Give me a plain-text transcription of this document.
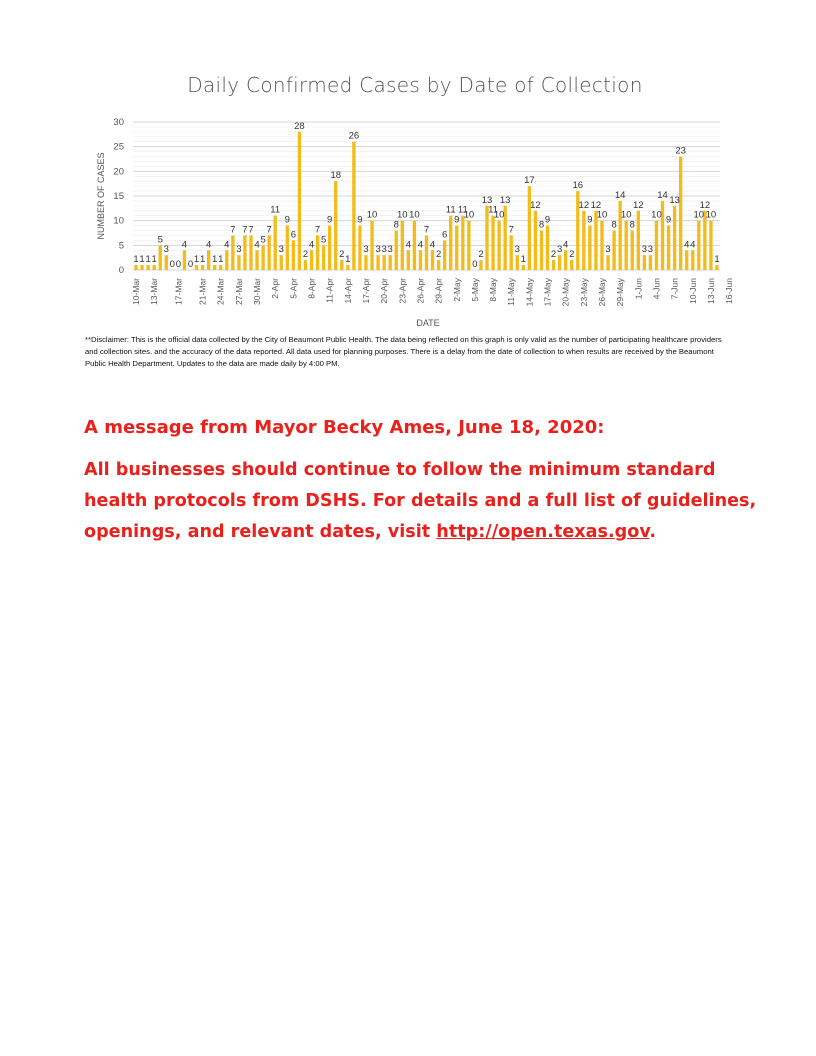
Daily Confirmed Cases by Date of Collection
1 1 1 1
5
3
0 0
4
0 1 1
4
1 1
4
7
3
7 7
4 5
7
11
3
9
6
28
2
4
7
5
9
18
2 1
26
9
3
10
3 3 3
8
10
4
10
4
7
4
2
6
11
9
11
10
0
2
13
11
10
13
7
3
1
17
12
8 9
2 3 4
2
16
12
9
12
10
3
8
14
10
8
12
3 3
10
14
9
13
23
4 4
10
12
10
1
0
5
10
15
20
25
30
10-Mar 13-Mar 17-Mar 21-Mar 24-Mar 27-Mar 30-Mar 2-Apr 5-Apr 8-Apr 11-Apr 14-Apr 17-Apr 20-Apr 23-Apr 26-Apr 29-Apr 2-May 5-May 8-May 11-May 14-May 17-May 20-May 23-May 26-May 29-May 1-Jun 4-Jun 7-Jun 10-Jun 13-Jun 16-Jun
NUMBER OF CASES
DATE
**Disclaimer: This is the official data collected by the City of Beaumont Public Health. The data being reflected on this graph is only valid as the number of participating healthcare providers and collection sites. and the accuracy of the data reported. All data used for planning purposes. There is a delay from the date of collection to when results are received by the Beaumont Public Health Department. Updates to the data are made daily by 4:00 PM.
A message from Mayor Becky Ames, June 18, 2020:
All businesses should continue to follow the minimum standard health protocols from DSHS. For details and a full list of guidelines, openings, and relevant dates, visit http://open.texas.gov.
